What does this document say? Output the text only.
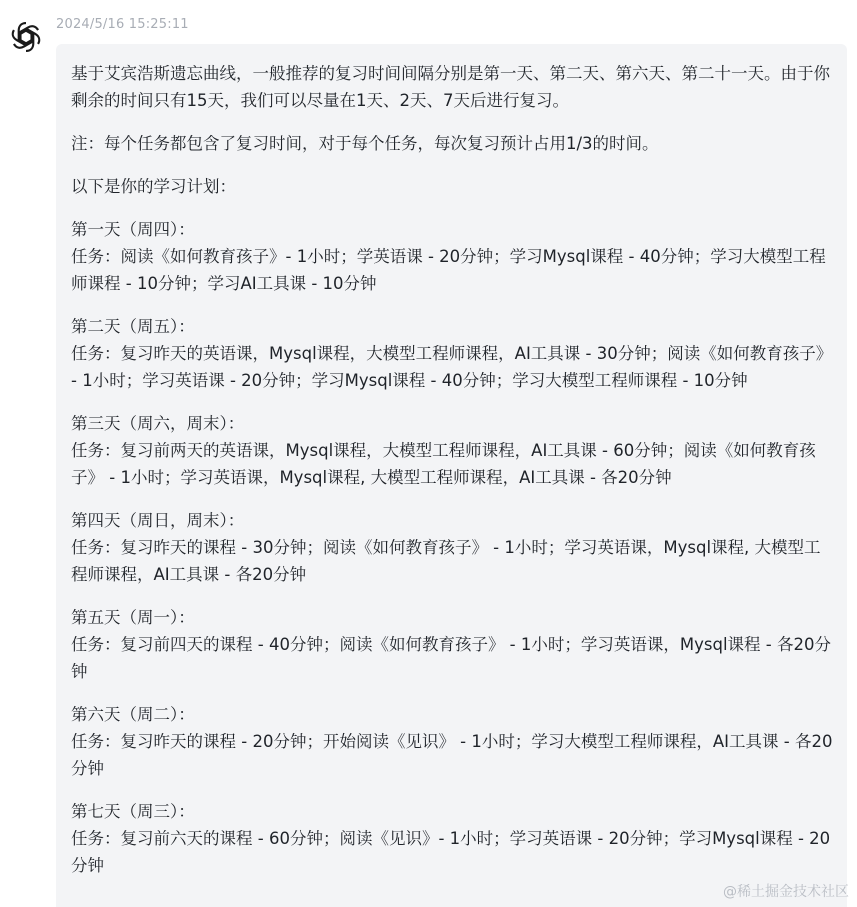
2024/5/16 15:25:11

基于艾宾浩斯遗忘曲线，一般推荐的复习时间间隔分别是第一天、第二天、第六天、第二十一天。由于你剩余的时间只有15天，我们可以尽量在1天、2天、7天后进行复习。

注：每个任务都包含了复习时间，对于每个任务，每次复习预计占用1/3的时间。

以下是你的学习计划：

第一天（周四）：
任务：阅读《如何教育孩子》- 1小时；学英语课 - 20分钟；学习Mysql课程 - 40分钟；学习大模型工程师课程 - 10分钟；学习AI工具课 - 10分钟
第二天（周五）：
任务：复习昨天的英语课，Mysql课程，大模型工程师课程，AI工具课 - 30分钟；阅读《如何教育孩子》 - 1小时；学习英语课 - 20分钟；学习Mysql课程 - 40分钟；学习大模型工程师课程 - 10分钟
第三天（周六，周末）：
任务：复习前两天的英语课，Mysql课程，大模型工程师课程，AI工具课 - 60分钟；阅读《如何教育孩子》 - 1小时；学习英语课，Mysql课程, 大模型工程师课程，AI工具课 - 各20分钟
第四天（周日，周末）：
任务：复习昨天的课程 - 30分钟；阅读《如何教育孩子》 - 1小时；学习英语课，Mysql课程, 大模型工程师课程，AI工具课 - 各20分钟
第五天（周一）：
任务：复习前四天的课程 - 40分钟；阅读《如何教育孩子》 - 1小时；学习英语课，Mysql课程 - 各20分钟
第六天（周二）：
任务：复习昨天的课程 - 20分钟；开始阅读《见识》 - 1小时；学习大模型工程师课程，AI工具课 - 各20分钟
第七天（周三）：
任务：复习前六天的课程 - 60分钟；阅读《见识》- 1小时；学习英语课 - 20分钟；学习Mysql课程 - 20分钟
@稀土掘金技术社区
